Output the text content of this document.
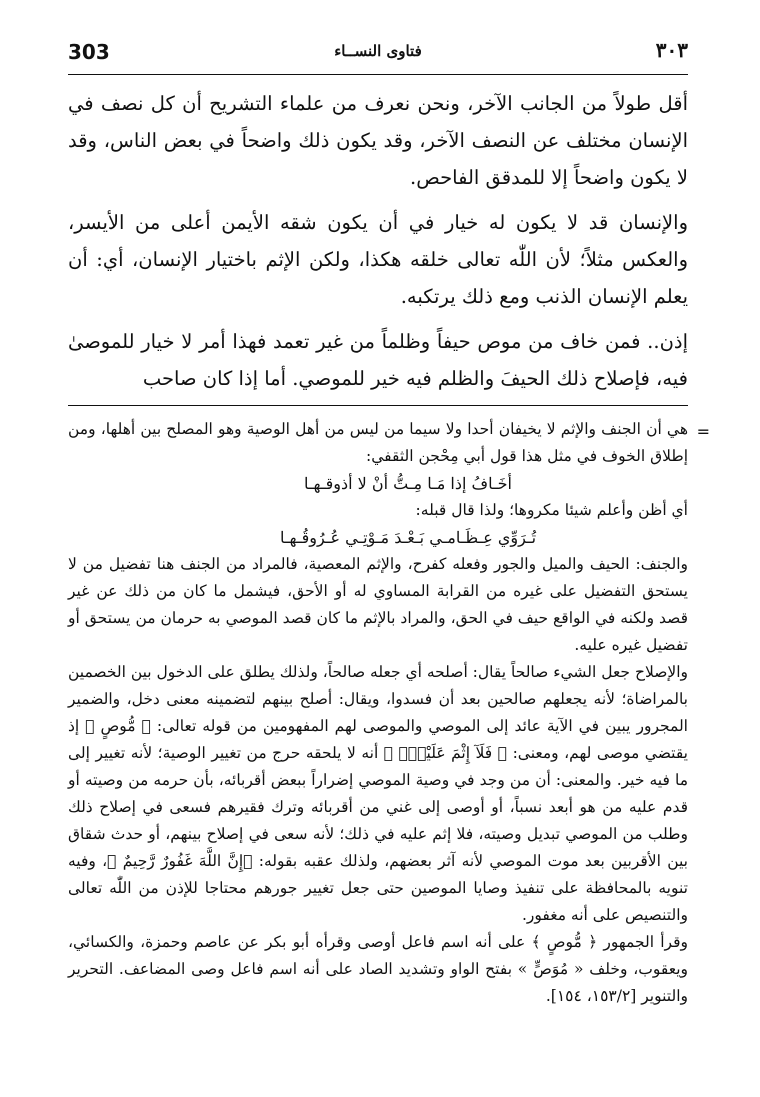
303	فتاوى النســاء	٣٠٣

أقل طولاً من الجانب الآخر، ونحن نعرف من علماء التشريح أن كل نصف في الإنسان مختلف عن النصف الآخر، وقد يكون ذلك واضحاً في بعض الناس، وقد لا يكون واضحاً إلا للمدقق الفاحص.

والإنسان قد لا يكون له خيار في أن يكون شقه الأيمن أعلى من الأيسر، والعكس مثلاً؛ لأن اللّٰه تعالى خلقه هكذا، ولكن الإثم باختيار الإنسان، أي: أن يعلم الإنسان الذنب ومع ذلك يرتكبه.

إذن.. فمن خاف من موص حيفاً وظلماً من غير تعمد فهذا أمر لا خيار للموصىٰ فيه، فإصلاح ذلك الحيفَ والظلم فيه خير للموصي. أما إذا كان صاحب

=

هي أن الجنف والإثم لا يخيفان أحدا ولا سيما من ليس من أهل الوصية وهو المصلح بين أهلها، ومن إطلاق الخوف في مثل هذا قول أبي مِحْجن الثقفي:

أخَـافُ إذا مَـا مِـتُّ أنْ لا أذوقـهـا

أي أظن وأعلم شيئا مكروها؛ ولذا قال قبله:

تُـرَوِّي عِـظَـامـي بَـعْـدَ مَـوْتِـي عُـرُوقُـهـا

والجنف: الحيف والميل والجور وفعله كفرح، والإثم المعصية، فالمراد من الجنف هنا تفضيل من لا يستحق التفضيل على غيره من القرابة المساوي له أو الأحق، فيشمل ما كان من ذلك عن غير قصد ولكنه في الواقع حيف في الحق، والمراد بالإثم ما كان قصد الموصي به حرمان من يستحق أو تفضيل غيره عليه.

والإصلاح جعل الشيء صالحاً يقال: أصلحه أي جعله صالحاً، ولذلك يطلق على الدخول بين الخصمين بالمراضاة؛ لأنه يجعلهم صالحين بعد أن فسدوا، ويقال: أصلح بينهم لتضمينه معنى دخل، والضمير المجرور يبين في الآية عائد إلى الموصي والموصى لهم المفهومين من قوله تعالى: ﴿ مُّوصٍ ﴾ إذ يقتضي موصى لهم، ومعنى: ﴿ فَلَآ إِثْمَ عَلَيْهِۚ ﴾ أنه لا يلحقه حرج من تغيير الوصية؛ لأنه تغيير إلى ما فيه خير. والمعنى: أن من وجد في وصية الموصي إضراراً ببعض أقربائه، بأن حرمه من وصيته أو قدم عليه من هو أبعد نسباً، أو أوصى إلى غني من أقربائه وترك فقيرهم فسعى في إصلاح ذلك وطلب من الموصي تبديل وصيته، فلا إثم عليه في ذلك؛ لأنه سعى في إصلاح بينهم، أو حدث شقاق بين الأقربين بعد موت الموصي لأنه آثر بعضهم، ولذلك عقبه بقوله: ﴿إِنَّ اللَّهَ غَفُورٌ رَّحِيمٌ ﴾، وفيه تنويه بالمحافظة على تنفيذ وصايا الموصين حتى جعل تغيير جورهم محتاجا للإذن من اللّٰه تعالى والتنصيص على أنه مغفور.

وقرأ الجمهور ﴿ مُّوصٍ ﴾ على أنه اسم فاعل أوصى وقرأه أبو بكر عن عاصم وحمزة، والكسائي، ويعقوب، وخلف « مُوَصٍّ » بفتح الواو وتشديد الصاد على أنه اسم فاعل وصى المضاعف. التحرير والتنوير [١٥٣/٢، ١٥٤].
